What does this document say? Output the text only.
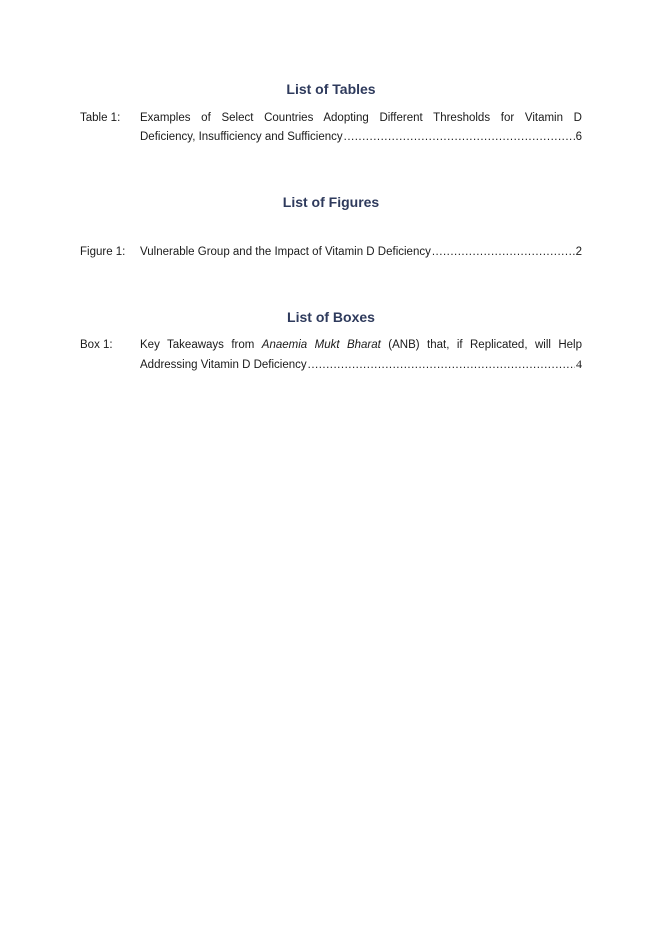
List of Tables
Table 1:	Examples of Select Countries Adopting Different Thresholds for Vitamin D
Deficiency, Insufficiency and Sufficiency .....	6
List of Figures
Figure 1:	Vulnerable Group and the Impact of Vitamin D Deficiency .....	2
List of Boxes
Box 1:	Key Takeaways from Anaemia Mukt Bharat (ANB) that, if Replicated, will Help
Addressing Vitamin D Deficiency .....	4
